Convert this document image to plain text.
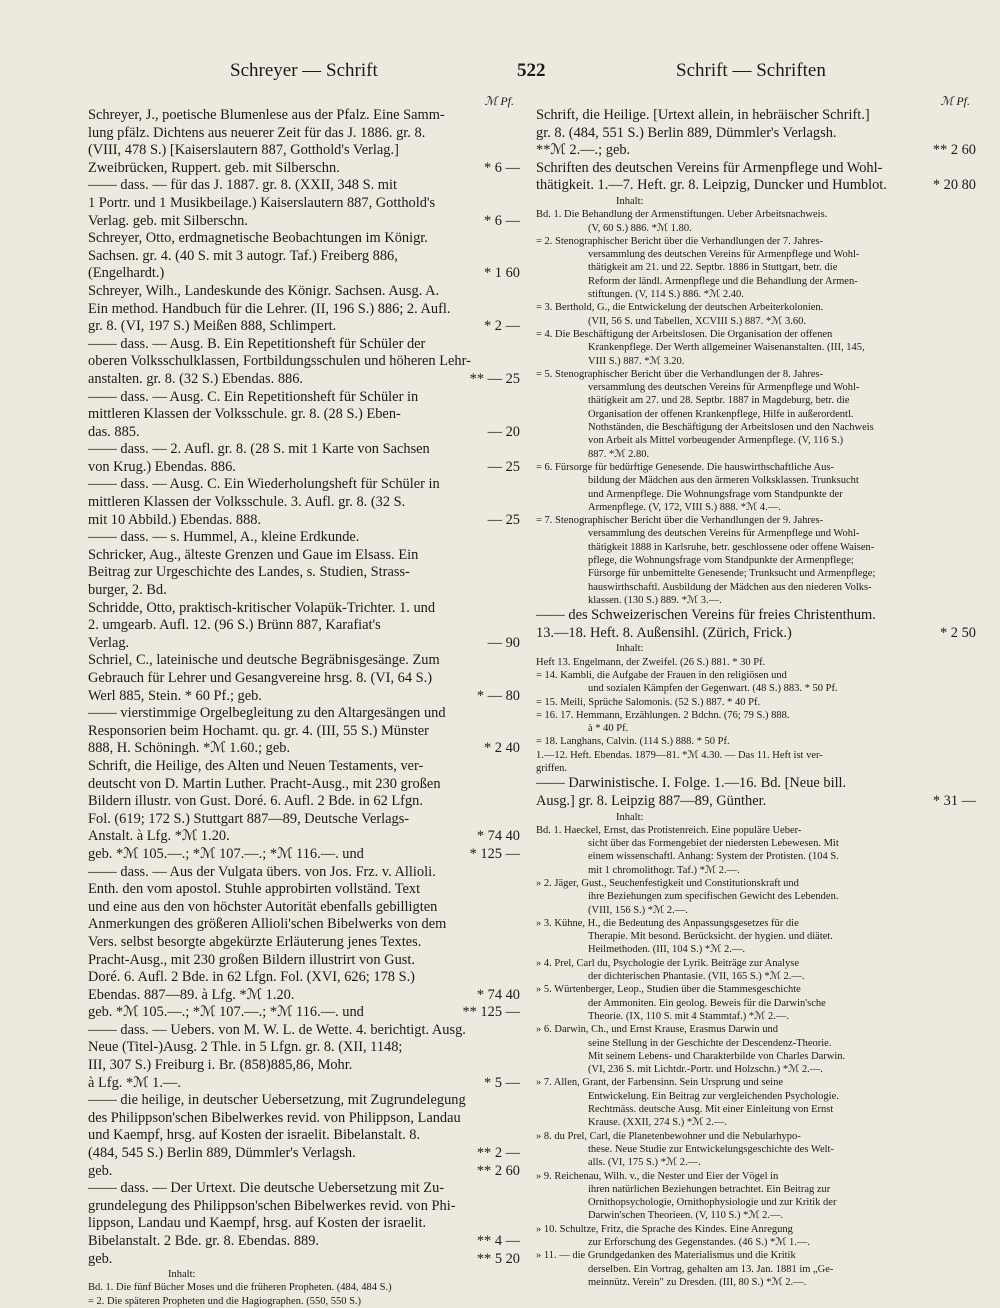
Schreyer — Schrift	522	Schrift — Schriften
ℳ Pf.
Schreyer, J., poetische Blumenlese aus der Pfalz. Eine Samm-
lung pfälz. Dichtens aus neuerer Zeit für das J. 1886. gr. 8.
(VIII, 478 S.) [Kaiserslautern 887, Gotthold's Verlag.]
Zweibrücken, Ruppert. geb. mit Silberschn.	* 6 —
—— dass. — für das J. 1887. gr. 8. (XXII, 348 S. mit
1 Portr. und 1 Musikbeilage.) Kaiserslautern 887, Gotthold's
Verlag. geb. mit Silberschn.	* 6 —
Schreyer, Otto, erdmagnetische Beobachtungen im Königr.
Sachsen. gr. 4. (40 S. mit 3 autogr. Taf.) Freiberg 886,
(Engelhardt.)	* 1 60
Schreyer, Wilh., Landeskunde des Königr. Sachsen. Ausg. A.
Ein method. Handbuch für die Lehrer. (II, 196 S.) 886; 2. Aufl.
gr. 8. (VI, 197 S.) Meißen 888, Schlimpert.	* 2 —
—— dass. — Ausg. B. Ein Repetitionsheft für Schüler der
oberen Volksschulklassen, Fortbildungsschulen und höheren Lehr-
anstalten. gr. 8. (32 S.) Ebendas. 886.	** — 25
—— dass. — Ausg. C. Ein Repetitionsheft für Schüler in
mittleren Klassen der Volksschule. gr. 8. (28 S.) Eben-
das. 885.	— 20
—— dass. — 2. Aufl. gr. 8. (28 S. mit 1 Karte von Sachsen
von Krug.) Ebendas. 886.	— 25
—— dass. — Ausg. C. Ein Wiederholungsheft für Schüler in
mittleren Klassen der Volksschule. 3. Aufl. gr. 8. (32 S.
mit 10 Abbild.) Ebendas. 888.	— 25
—— dass. — s. Hummel, A., kleine Erdkunde.
Schricker, Aug., älteste Grenzen und Gaue im Elsass. Ein
Beitrag zur Urgeschichte des Landes, s. Studien, Strass-
burger, 2. Bd.
Schridde, Otto, praktisch-kritischer Volapük-Trichter. 1. und
2. umgearb. Aufl. 12. (96 S.) Brünn 887, Karafiat's
Verlag.	— 90
Schriel, C., lateinische und deutsche Begräbnisgesänge. Zum
Gebrauch für Lehrer und Gesangvereine hrsg. 8. (VI, 64 S.)
Werl 885, Stein. * 60 Pf.; geb.	* — 80
—— vierstimmige Orgelbegleitung zu den Altargesängen und
Responsorien beim Hochamt. qu. gr. 4. (III, 55 S.) Münster
888, H. Schöningh. *ℳ 1.60.; geb.	* 2 40
Schrift, die Heilige, des Alten und Neuen Testaments, ver-
deutscht von D. Martin Luther. Pracht-Ausg., mit 230 großen
Bildern illustr. von Gust. Doré. 6. Aufl. 2 Bde. in 62 Lfgn.
Fol. (619; 172 S.) Stuttgart 887—89, Deutsche Verlags-
Anstalt. à Lfg. *ℳ 1.20.	* 74 40
geb. *ℳ 105.—.; *ℳ 107.—.; *ℳ 116.—. und	* 125 —
—— dass. — Aus der Vulgata übers. von Jos. Frz. v. Allioli.
Enth. den vom apostol. Stuhle approbirten vollständ. Text
und eine aus den von höchster Autorität ebenfalls gebilligten
Anmerkungen des größeren Allioli'schen Bibelwerks von dem
Vers. selbst besorgte abgekürzte Erläuterung jenes Textes.
Pracht-Ausg., mit 230 großen Bildern illustrirt von Gust.
Doré. 6. Aufl. 2 Bde. in 62 Lfgn. Fol. (XVI, 626; 178 S.)
Ebendas. 887—89. à Lfg. *ℳ 1.20.	* 74 40
geb. *ℳ 105.—.; *ℳ 107.—.; *ℳ 116.—. und	** 125 —
—— dass. — Uebers. von M. W. L. de Wette. 4. berichtigt. Ausg.
Neue (Titel-)Ausg. 2 Thle. in 5 Lfgn. gr. 8. (XII, 1148;
III, 307 S.) Freiburg i. Br. (858)885,86, Mohr.
à Lfg. *ℳ 1.—.	* 5 —
—— die heilige, in deutscher Uebersetzung, mit Zugrundelegung
des Philippson'schen Bibelwerkes revid. von Philippson, Landau
und Kaempf, hrsg. auf Kosten der israelit. Bibelanstalt. 8.
(484, 545 S.) Berlin 889, Dümmler's Verlagsh.	** 2 —
geb.	** 2 60
—— dass. — Der Urtext. Die deutsche Uebersetzung mit Zu-
grundelegung des Philippson'schen Bibelwerkes revid. von Phi-
lippson, Landau und Kaempf, hrsg. auf Kosten der israelit.
Bibelanstalt. 2 Bde. gr. 8. Ebendas. 889.	** 4 —
geb.	** 5 20
Inhalt:
Bd. 1. Die fünf Bücher Moses und die früheren Propheten. (484, 484 S.)
= 2. Die späteren Propheten und die Hagiographen. (550, 550 S.)
ℳ Pf.
Schrift, die Heilige. [Urtext allein, in hebräischer Schrift.]
gr. 8. (484, 551 S.) Berlin 889, Dümmler's Verlagsh.
**ℳ 2.—.; geb.	** 2 60
Schriften des deutschen Vereins für Armenpflege und Wohl-
thätigkeit. 1.—7. Heft. gr. 8. Leipzig, Duncker und Humblot.	* 20 80
Inhalt:
Bd. 1. Die Behandlung der Armenstiftungen. Ueber Arbeitsnachweis.
(V, 60 S.) 886. *ℳ 1.80.
= 2. Stenographischer Bericht über die Verhandlungen der 7. Jahres-
versammlung des deutschen Vereins für Armenpflege und Wohl-
thätigkeit am 21. und 22. Septbr. 1886 in Stuttgart, betr. die
Reform der ländl. Armenpflege und die Behandlung der Armen-
stiftungen. (V, 114 S.) 886. *ℳ 2.40.
= 3. Berthold, G., die Entwickelung der deutschen Arbeiterkolonien.
(VII, 56 S. und Tabellen, XCVIII S.) 887. *ℳ 3.60.
= 4. Die Beschäftigung der Arbeitslosen. Die Organisation der offenen
Krankenpflege. Der Werth allgemeiner Waisenanstalten. (III, 145,
VIII S.) 887. *ℳ 3.20.
= 5. Stenographischer Bericht über die Verhandlungen der 8. Jahres-
versammlung des deutschen Vereins für Armenpflege und Wohl-
thätigkeit am 27. und 28. Septbr. 1887 in Magdeburg, betr. die
Organisation der offenen Krankenpflege, Hilfe in außerordentl.
Nothständen, die Beschäftigung der Arbeitslosen und den Nachweis
von Arbeit als Mittel vorbeugender Armenpflege. (V, 116 S.)
887. *ℳ 2.80.
= 6. Fürsorge für bedürftige Genesende. Die hauswirthschaftliche Aus-
bildung der Mädchen aus den ärmeren Volksklassen. Trunksucht
und Armenpflege. Die Wohnungsfrage vom Standpunkte der
Armenpflege. (V, 172, VIII S.) 888. *ℳ 4.—.
= 7. Stenographischer Bericht über die Verhandlungen der 9. Jahres-
versammlung des deutschen Vereins für Armenpflege und Wohl-
thätigkeit 1888 in Karlsruhe, betr. geschlossene oder offene Waisen-
pflege, die Wohnungsfrage vom Standpunkte der Armenpflege;
Fürsorge für unbemittelte Genesende; Trunksucht und Armenpflege;
hauswirthschaftl. Ausbildung der Mädchen aus den niederen Volks-
klassen. (130 S.) 889. *ℳ 3.—.
—— des Schweizerischen Vereins für freies Christenthum.
13.—18. Heft. 8. Außensihl. (Zürich, Frick.)	* 2 50
Inhalt:
Heft 13. Engelmann, der Zweifel. (26 S.) 881. * 30 Pf.
= 14. Kambli, die Aufgabe der Frauen in den religiösen und
und sozialen Kämpfen der Gegenwart. (48 S.) 883. * 50 Pf.
= 15. Meili, Sprüche Salomonis. (52 S.) 887. * 40 Pf.
= 16. 17. Hemmann, Erzählungen. 2 Bdchn. (76; 79 S.) 888.
à * 40 Pf.
= 18. Langhans, Calvin. (114 S.) 888. * 50 Pf.
1.—12. Heft. Ebendas. 1879—81. *ℳ 4.30. — Das 11. Heft ist ver-
griffen.
—— Darwinistische. I. Folge. 1.—16. Bd. [Neue bill.
Ausg.] gr. 8. Leipzig 887—89, Günther.	* 31 —
Inhalt:
Bd. 1. Haeckel, Ernst, das Protistenreich. Eine populäre Ueber-
sicht über das Formengebiet der niedersten Lebewesen. Mit
einem wissenschaftl. Anhang: System der Protisten. (104 S.
mit 1 chromolithogr. Taf.) *ℳ 2.—.
» 2. Jäger, Gust., Seuchenfestigkeit und Constitutionskraft und
ihre Beziehungen zum specifischen Gewicht des Lebenden.
(VIII, 156 S.) *ℳ 2.—.
» 3. Kühne, H., die Bedeutung des Anpassungsgesetzes für die
Therapie. Mit besond. Berücksicht. der hygien. und diätet.
Heilmethoden. (III, 104 S.) *ℳ 2.—.
» 4. Prel, Carl du, Psychologie der Lyrik. Beiträge zur Analyse
der dichterischen Phantasie. (VII, 165 S.) *ℳ 2.—.
» 5. Würtenberger, Leop., Studien über die Stammesgeschichte
der Ammoniten. Ein geolog. Beweis für die Darwin'sche
Theorie. (IX, 110 S. mit 4 Stammtaf.) *ℳ 2.—.
» 6. Darwin, Ch., und Ernst Krause, Erasmus Darwin und
seine Stellung in der Geschichte der Descendenz-Theorie.
Mit seinem Lebens- und Charakterbilde von Charles Darwin.
(VI, 236 S. mit Lichtdr.-Portr. und Holzschn.) *ℳ 2.—.
» 7. Allen, Grant, der Farbensinn. Sein Ursprung und seine
Entwickelung. Ein Beitrag zur vergleichenden Psychologie.
Rechtmäss. deutsche Ausg. Mit einer Einleitung von Ernst
Krause. (XXII, 274 S.) *ℳ 2.—.
» 8. du Prel, Carl, die Planetenbewohner und die Nebularhypo-
these. Neue Studie zur Entwickelungsgeschichte des Welt-
alls. (VI, 175 S.) *ℳ 2.—.
» 9. Reichenau, Wilh. v., die Nester und Eier der Vögel in
ihren natürlichen Beziehungen betrachtet. Ein Beitrag zur
Ornithopsychologie, Ornithophysiologie und zur Kritik der
Darwin'schen Theorieen. (V, 110 S.) *ℳ 2.—.
» 10. Schultze, Fritz, die Sprache des Kindes. Eine Anregung
zur Erforschung des Gegenstandes. (46 S.) *ℳ 1.—.
» 11. — die Grundgedanken des Materialismus und die Kritik
derselben. Ein Vortrag, gehalten am 13. Jan. 1881 im „Ge-
meinnütz. Verein" zu Dresden. (III, 80 S.) *ℳ 2.—.
